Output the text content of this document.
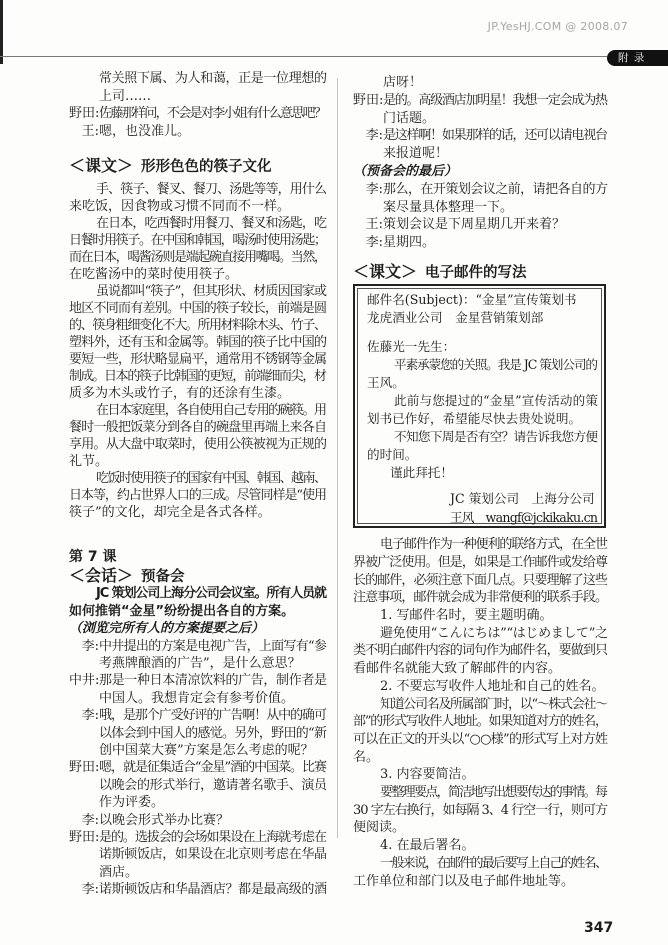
JP.YesHJ.COM @ 2008.07
附 录
常关照下属、为人和蔼，正是一位理想的
上司……
野田:佐藤那样问，不会是对李小姐有什么意思吧？
王:嗯，也没准儿。
＜课文＞ 形形色色的筷子文化
手、筷子、餐叉、餐刀、汤匙等等，用什么
来吃饭，因食物或习惯不同而不一样。
在日本，吃西餐时用餐刀、餐叉和汤匙，吃
日餐时用筷子。在中国和韩国，喝汤时使用汤匙；
而在日本，喝酱汤则是端起碗直接用嘴喝。当然，
在吃酱汤中的菜时使用筷子。
虽说都叫“筷子”，但其形状、材质因国家或
地区不同而有差别。中国的筷子较长，前端是圆
的、筷身粗细变化不大。所用材料除木头、竹子、
塑料外，还有玉和金属等。韩国的筷子比中国的
要短一些，形状略显扁平，通常用不锈钢等金属
制成。日本的筷子比韩国的更短，前端细而尖，材
质多为木头或竹子，有的还涂有生漆。
在日本家庭里，各自使用自己专用的碗筷。用
餐时一般把饭菜分到各自的碗盘里再端上来各自
享用。从大盘中取菜时，使用公筷被视为正规的
礼节。
吃饭时使用筷子的国家有中国、韩国、越南、
日本等，约占世界人口的三成。尽管同样是“使用
筷子”的文化，却完全是各式各样。
第 7 课
＜会话＞ 预备会
JC 策划公司上海分公司会议室。所有人员就
如何推销“金星”纷纷提出各自的方案。
（浏览完所有人的方案提要之后）
李:中井提出的方案是电视广告，上面写有“参
考燕牌酿酒的广告”，是什么意思？
中井:那是一种日本清凉饮料的广告，制作者是
中国人。我想肯定会有参考价值。
李:哦，是那个广受好评的广告啊！从中的确可
以体会到中国人的感觉。另外，野田的“新
创中国菜大赛”方案是怎么考虑的呢？
野田:嗯，就是征集适合“金星”酒的中国菜。比赛
以晚会的形式举行，邀请著名歌手、演员
作为评委。
李:以晚会形式举办比赛？
野田:是的。选拔会的会场如果设在上海就考虑在
诺斯顿饭店，如果设在北京则考虑在华晶
酒店。
李:诺斯顿饭店和华晶酒店？都是最高级的酒
店呀！
野田:是的。高级酒店加明星！我想一定会成为热
门话题。
李:是这样啊！如果那样的话，还可以请电视台
来报道呢！
（预备会的最后）
李:那么，在开策划会议之前，请把各自的方
案尽量具体整理一下。
王:策划会议是下周星期几开来着？
李:星期四。
＜课文＞ 电子邮件的写法
邮件名(Subject)：“金星”宣传策划书
龙虎酒业公司　金星营销策划部
佐藤光一先生：
平素承蒙您的关照。我是 JC 策划公司的
王风。
此前与您提过的“金星”宣传活动的策
划书已作好，希望能尽快去贵处说明。
不知您下周是否有空？请告诉我您方便
的时间。
谨此拜托！
JC 策划公司　上海分公司
王风　wangf@jckikaku.cn
电子邮件作为一种便利的联络方式，在全世
界被广泛使用。但是，如果是工作邮件或发给尊
长的邮件，必须注意下面几点。只要理解了这些
注意事项，邮件就会成为非常便利的联系手段。
1. 写邮件名时，要主题明确。
避免使用“こんにちは”“はじめまして”之
类不明白邮件内容的词句作为邮件名，要做到只
看邮件名就能大致了解邮件的内容。
2. 不要忘写收件人地址和自己的姓名。
知道公司名及所属部门时，以“～株式会社～
部”的形式写收件人地址。如果知道对方的姓名，
可以在正文的开头以“○○様”的形式写上对方姓
名。
3. 内容要简洁。
要整理要点，简洁地写出想要传达的事情。每
30 字左右换行，如每隔 3、4 行空一行，则可方
便阅读。
4. 在最后署名。
一般来说，在邮件的最后要写上自己的姓名、
工作单位和部门以及电子邮件地址等。
347
